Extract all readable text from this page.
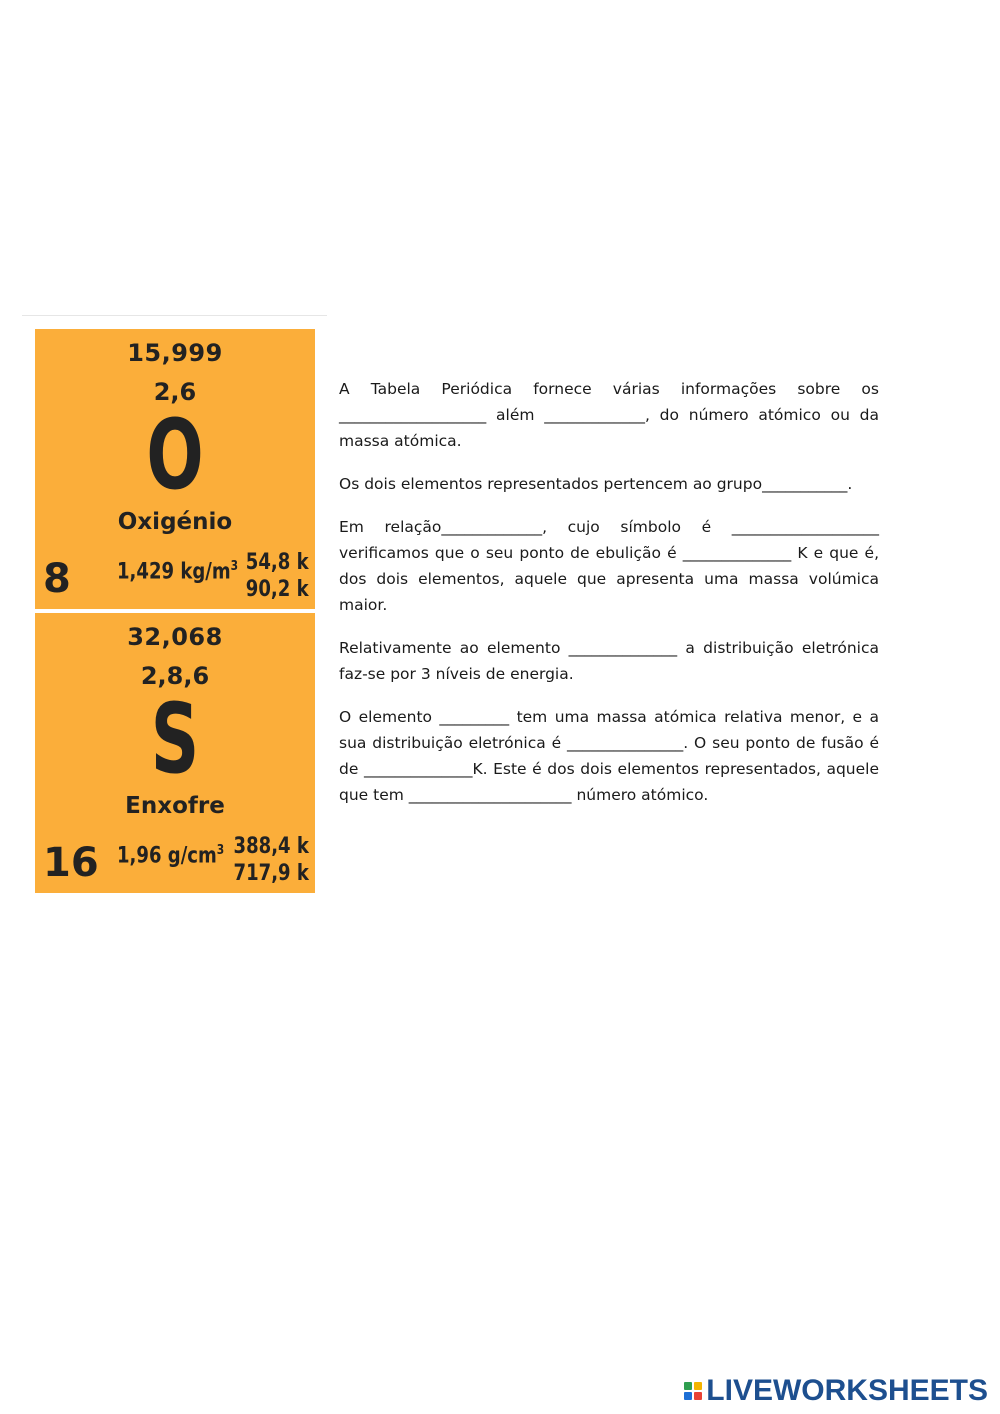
15,999
2,6
O
Oxigénio
8 1,429 $kg/m^3$ 54,8 k
90,2 k
32,068
2,8,6
S
Enxofre
16 1,96 $g/cm^3$ 388,4 k
717,9 k

A Tabela Periódica fornece várias informações sobre os ___________________ além _____________, do número atómico ou da massa atómica.

Os dois elementos representados pertencem ao grupo___________.

Em relação_____________, cujo símbolo é ___________________ verificamos que o seu ponto de ebulição é ______________ K e que é, dos dois elementos, aquele que apresenta uma massa volúmica maior.

Relativamente ao elemento ______________ a distribuição eletrónica faz-se por 3 níveis de energia.

O elemento _________ tem uma massa atómica relativa menor, e a sua distribuição eletrónica é _______________. O seu ponto de fusão é de ______________K. Este é dos dois elementos representados, aquele que tem _____________________ número atómico.

LIVEWORKSHEETS
